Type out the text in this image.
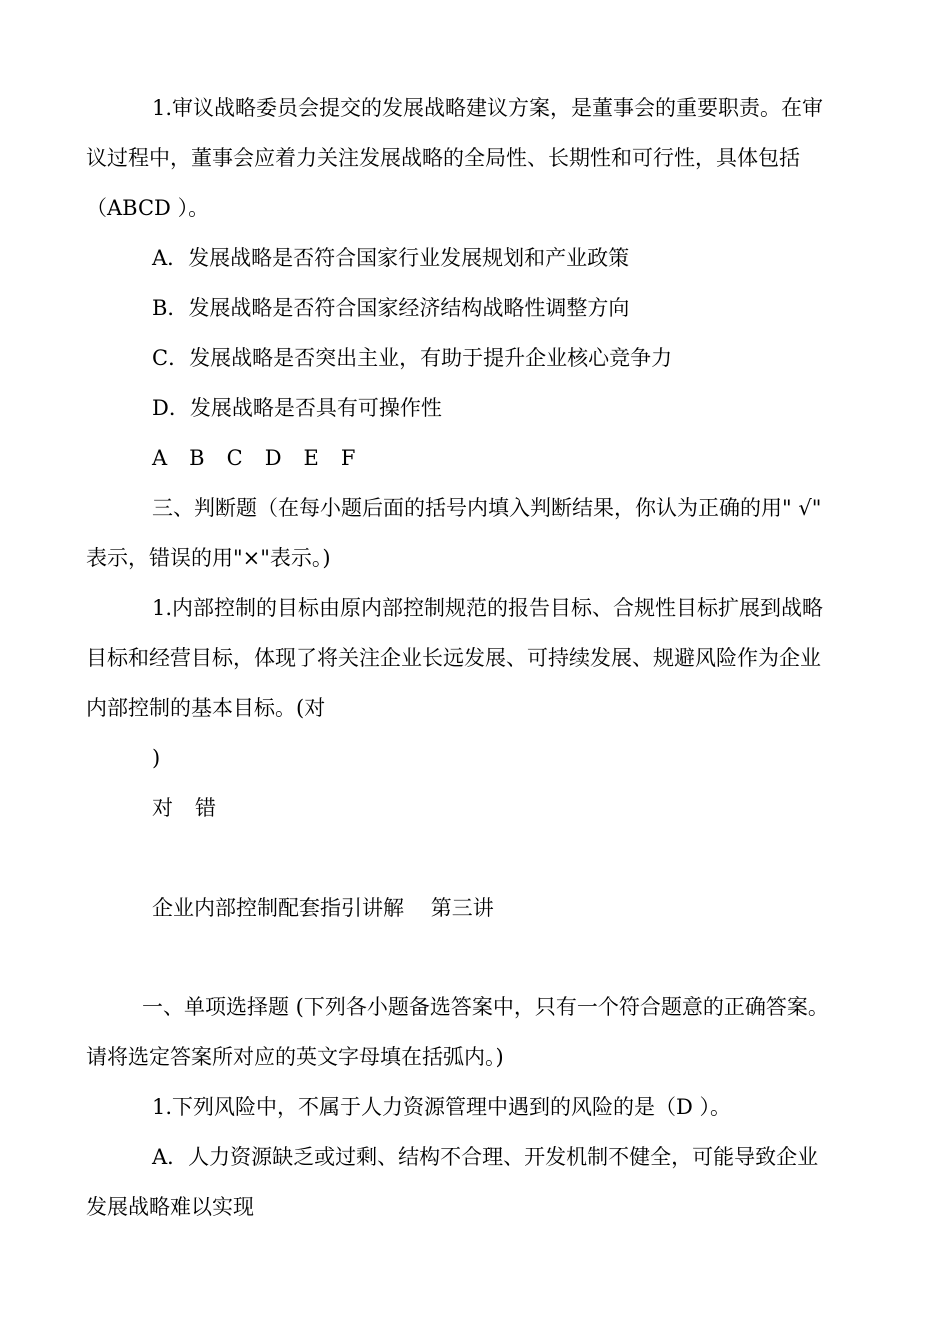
1.审议战略委员会提交的发展战略建议方案，是董事会的重要职责。在审
议过程中，董事会应着力关注发展战略的全局性、长期性和可行性，具体包括
（ABCD ）。
A．发展战略是否符合国家行业发展规划和产业政策
B．发展战略是否符合国家经济结构战略性调整方向
C．发展战略是否突出主业，有助于提升企业核心竞争力
D．发展战略是否具有可操作性
A B C D E F
三、判断题（在每小题后面的括号内填入判断结果，你认为正确的用" √"
表示，错误的用"×"表示。)
1.内部控制的目标由原内部控制规范的报告目标、合规性目标扩展到战略
目标和经营目标，体现了将关注企业长远发展、可持续发展、规避风险作为企业
内部控制的基本目标。(对
)
对 错
企业内部控制配套指引讲解    第三讲
一、单项选择题 (下列各小题备选答案中，只有一个符合题意的正确答案。
请将选定答案所对应的英文字母填在括弧内。)
1.下列风险中，不属于人力资源管理中遇到的风险的是（D ）。
A．人力资源缺乏或过剩、结构不合理、开发机制不健全，可能导致企业
发展战略难以实现
